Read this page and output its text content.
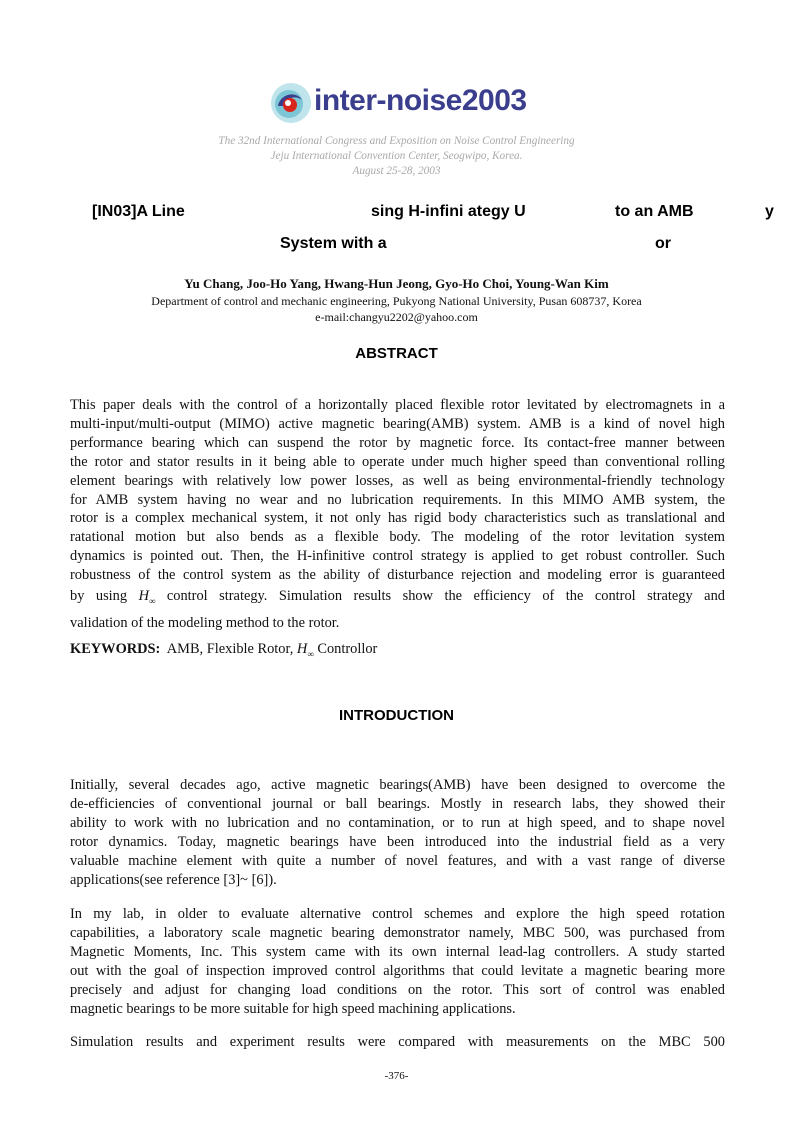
inter-noise2003
The 32nd International Congress and Exposition on Noise Control Engineering
Jeju International Convention Center, Seogwipo, Korea.
August 25-28, 2003
[IN03]A Line	sing H-infini ategy U	to an AMB	y
System with a	or
Yu Chang, Joo-Ho Yang, Hwang-Hun Jeong, Gyo-Ho Choi, Young-Wan Kim
Department of control and mechanic engineering, Pukyong National University, Pusan 608737, Korea
e-mail:changyu2202@yahoo.com
ABSTRACT
This paper deals with the control of a horizontally placed flexible rotor levitated by electromagnets in a
multi-input/multi-output (MIMO) active magnetic bearing(AMB) system. AMB is a kind of novel high
performance bearing which can suspend the rotor by magnetic force. Its contact-free manner between
the rotor and stator results in it being able to operate under much higher speed than conventional rolling
element bearings with relatively low power losses, as well as being environmental-friendly technology
for AMB system having no wear and no lubrication requirements. In this MIMO AMB system, the
rotor is a complex mechanical system, it not only has rigid body characteristics such as translational and
ratational motion but also bends as a flexible body. The modeling of the rotor levitation system
dynamics is pointed out. Then, the H-infinitive control strategy is applied to get robust controller. Such
robustness of the control system as the ability of disturbance rejection and modeling error is guaranteed
by using $H_\infty$ control strategy. Simulation results show the efficiency of the control strategy and
validation of the modeling method to the rotor.
KEYWORDS: AMB, Flexible Rotor, $H_\infty$ Controllor
INTRODUCTION
Initially, several decades ago, active magnetic bearings(AMB) have been designed to overcome the
de-efficiencies of conventional journal or ball bearings. Mostly in research labs, they showed their
ability to work with no lubrication and no contamination, or to run at high speed, and to shape novel
rotor dynamics. Today, magnetic bearings have been introduced into the industrial field as a very
valuable machine element with quite a number of novel features, and with a vast range of diverse
applications(see reference [3]~ [6]).
In my lab, in older to evaluate alternative control schemes and explore the high speed rotation
capabilities, a laboratory scale magnetic bearing demonstrator namely, MBC 500, was purchased from
Magnetic Moments, Inc. This system came with its own internal lead-lag controllers. A study started
out with the goal of inspection improved control algorithms that could levitate a magnetic bearing more
precisely and adjust for changing load conditions on the rotor. This sort of control was enabled
magnetic bearings to be more suitable for high speed machining applications.
Simulation results and experiment results were compared with measurements on the MBC 500
-376-
